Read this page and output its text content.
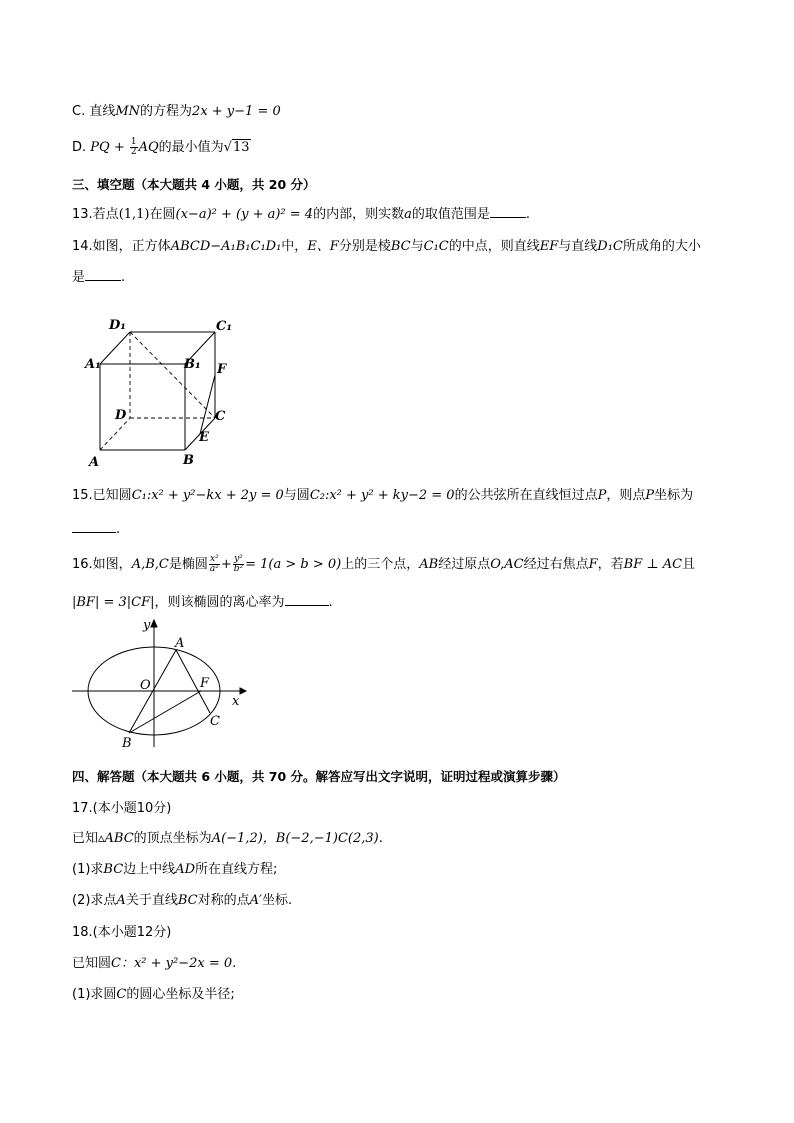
C. 直线MN的方程为2x + y−1 = 0
D. PQ + $\frac{1}{2}$ AQ的最小值为√13
三、填空题（本大题共 4 小题，共 20 分）
13.若点(1,1)在圆(x−a)² + (y + a)² = 4的内部，则实数a的取值范围是	.
14.如图，正方体ABCD−A₁B₁C₁D₁中，E、F分别是棱BC与C₁C的中点，则直线EF与直线D₁C所成角的大小
是	.
D₁	C₁
A₁	B₁ F
D	C
E
A	B
15.已知圆C₁:x² + y²−kx + 2y = 0与圆C₂:x² + y² + ky−2 = 0的公共弦所在直线恒过点P，则点P坐标为
.
16.如图，A,B,C是椭圆 $\frac{\text{x²}}{\text{a²}} + \frac{\text{y²}}{\text{b²}} = 1(a > b > 0)$上的三个点，AB经过原点O,AC经过右焦点F，若BF ⊥ AC且
|BF| = 3|CF|，则该椭圆的离心率为	.
y
A
O	F
x
B
C
四、解答题（本大题共 6 小题，共 70 分。解答应写出文字说明，证明过程或演算步骤）
17.(本小题10分)
已知▵ABC的顶点坐标为A(−1,2)，B(−2,−1)C(2,3).
(1)求BC边上中线AD所在直线方程;
(2)求点A关于直线BC对称的点A′坐标.
18.(本小题12分)
已知圆C：x² + y²−2x = 0.
(1)求圆C的圆心坐标及半径;
